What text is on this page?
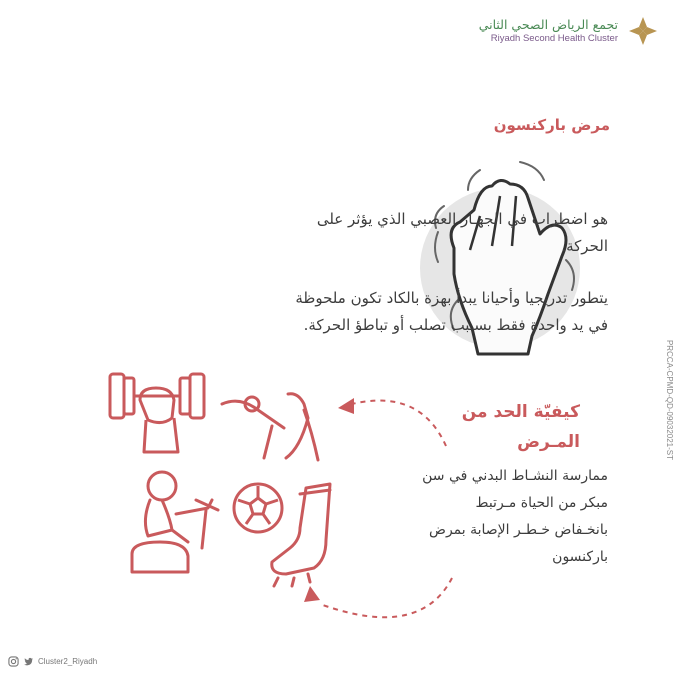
تجمع الرياض الصحي الثاني
Riyadh Second Health Cluster
مرض باركنسون
هو اضطراب في الجهـاز العصبي الذي يؤثر على الحركة.
يتطور تدريجيا وأحيانا يبدأ بهزة بالكاد تكون ملحوظة في يد واحدة فقط بسـبب تصلب أو تباطؤ الحركة.
كيفيّة الحد من المـرض
ممارسة النشـاط البدني في سن مبكر من الحياة مـرتبط بانخـفاض خـطـر الإصابة بمرض باركنسون
PRCCA-CPMD-QD-09032021-ST
Cluster2_Riyadh
